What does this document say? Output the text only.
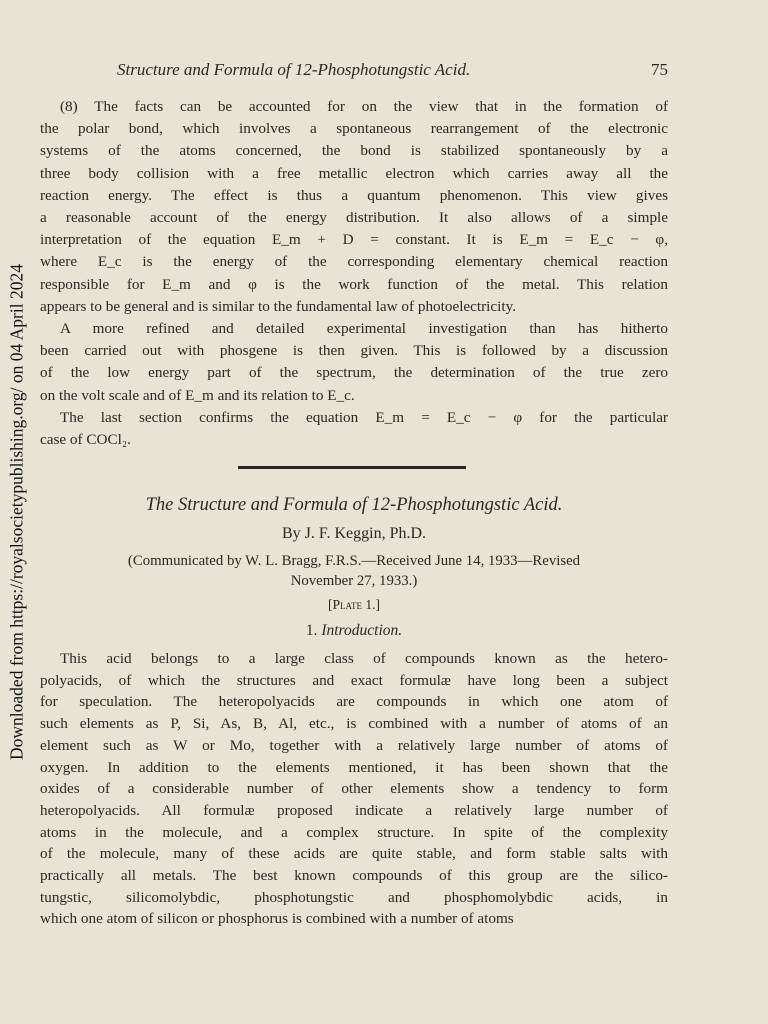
Downloaded from https://royalsocietypublishing.org/ on 04 April 2024
Structure and Formula of 12-Phosphotungstic Acid.	75
(8) The facts can be accounted for on the view that in the formation of
the polar bond, which involves a spontaneous rearrangement of the electronic
systems of the atoms concerned, the bond is stabilized spontaneously by a
three body collision with a free metallic electron which carries away all the
reaction energy. The effect is thus a quantum phenomenon. This view gives
a reasonable account of the energy distribution. It also allows of a simple
interpretation of the equation E_m + D = constant. It is E_m = E_c − φ,
where E_c is the energy of the corresponding elementary chemical reaction
responsible for E_m and φ is the work function of the metal. This relation
appears to be general and is similar to the fundamental law of photoelectricity.
A more refined and detailed experimental investigation than has hitherto
been carried out with phosgene is then given. This is followed by a discussion
of the low energy part of the spectrum, the determination of the true zero
on the volt scale and of E_m and its relation to E_c.
The last section confirms the equation E_m = E_c − φ for the particular
case of COCl₂.
The Structure and Formula of 12-Phosphotungstic Acid.
By J. F. Keggin, Ph.D.
(Communicated by W. L. Bragg, F.R.S.—Received June 14, 1933—Revised
November 27, 1933.)
[Plate 1.]
1. Introduction.
This acid belongs to a large class of compounds known as the hetero-
polyacids, of which the structures and exact formulæ have long been a subject
for speculation. The heteropolyacids are compounds in which one atom of
such elements as P, Si, As, B, Al, etc., is combined with a number of atoms of an
element such as W or Mo, together with a relatively large number of atoms of
oxygen. In addition to the elements mentioned, it has been shown that the
oxides of a considerable number of other elements show a tendency to form
heteropolyacids. All formulæ proposed indicate a relatively large number of
atoms in the molecule, and a complex structure. In spite of the complexity
of the molecule, many of these acids are quite stable, and form stable salts with
practically all metals. The best known compounds of this group are the silico-
tungstic, silicomolybdic, phosphotungstic and phosphomolybdic acids, in
which one atom of silicon or phosphorus is combined with a number of atoms
